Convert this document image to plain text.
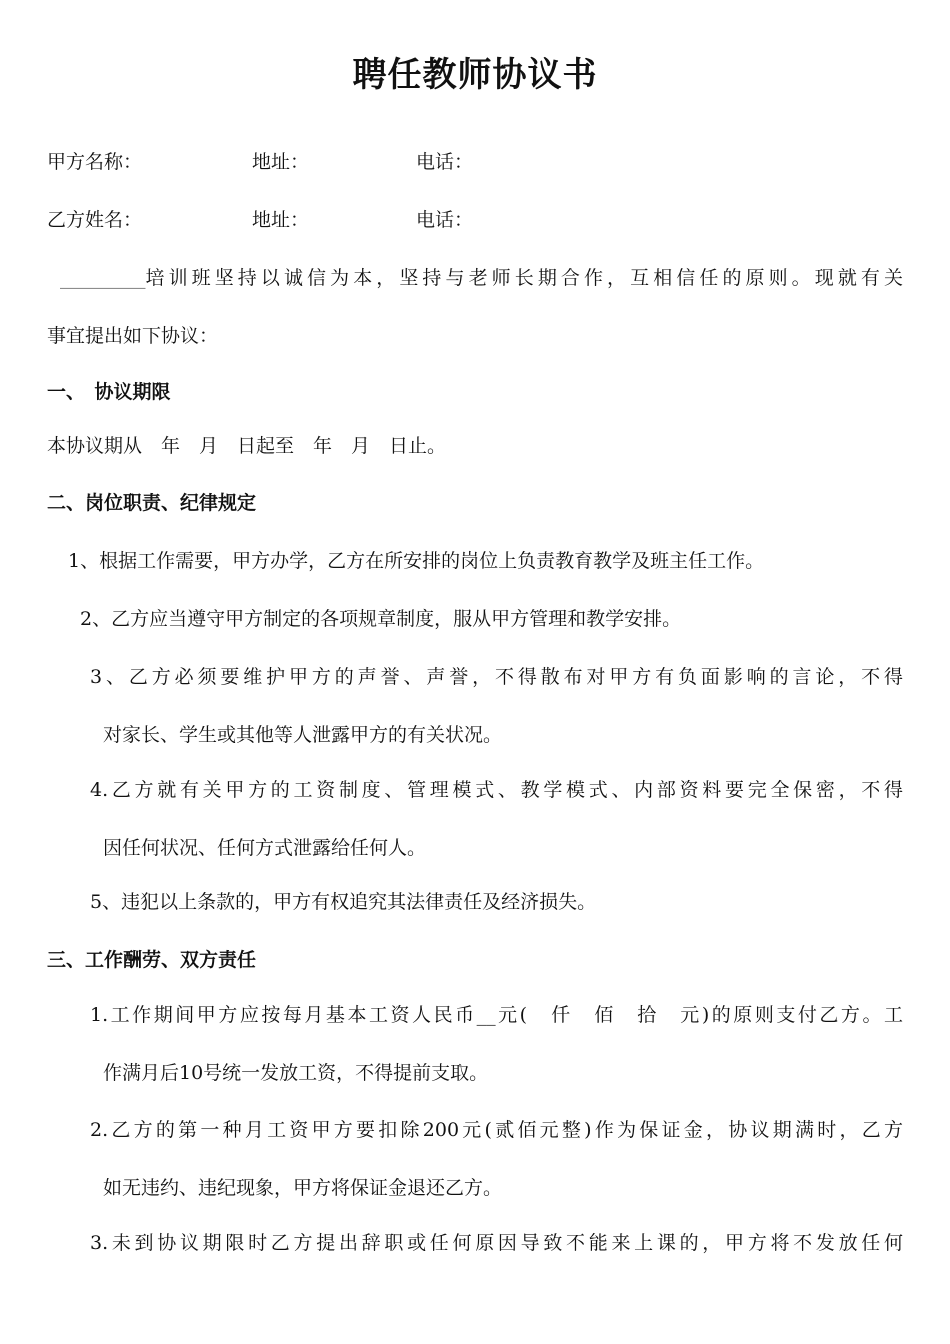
聘任教师协议书
甲方名称：	地址：	电话：
乙方姓名：	地址：	电话：

_________ 培训班坚持以诚信为本，坚持与老师长期合作，互相信任的原则。现就有关

事宜提出如下协议：

一、　协议期限

本协议期从　年　月　日起至　年　月　日止。

二、岗位职责、纪律规定

1、根据工作需要，甲方办学，乙方在所安排的岗位上负责教育教学及班主任工作。

2、乙方应当遵守甲方制定的各项规章制度，服从甲方管理和教学安排。

3、乙方必须要维护甲方的声誉、声誉，不得散布对甲方有负面影响的言论，不得

对家长、学生或其他等人泄露甲方的有关状况。

4.乙方就有关甲方的工资制度、管理模式、教学模式、内部资料要完全保密，不得

因任何状况、任何方式泄露给任何人。

5、违犯以上条款的，甲方有权追究其法律责任及经济损失。

三、工作酬劳、双方责任

1.工作期间甲方应按每月基本工资人民币__元(　仟　佰　拾　元)的原则支付乙方。工

作满月后10号统一发放工资，不得提前支取。

2.乙方的第一种月工资甲方要扣除200元(贰佰元整)作为保证金，协议期满时，乙方

如无违约、违纪现象，甲方将保证金退还乙方。

3.未到协议期限时乙方提出辞职或任何原因导致不能来上课的，甲方将不发放任何
